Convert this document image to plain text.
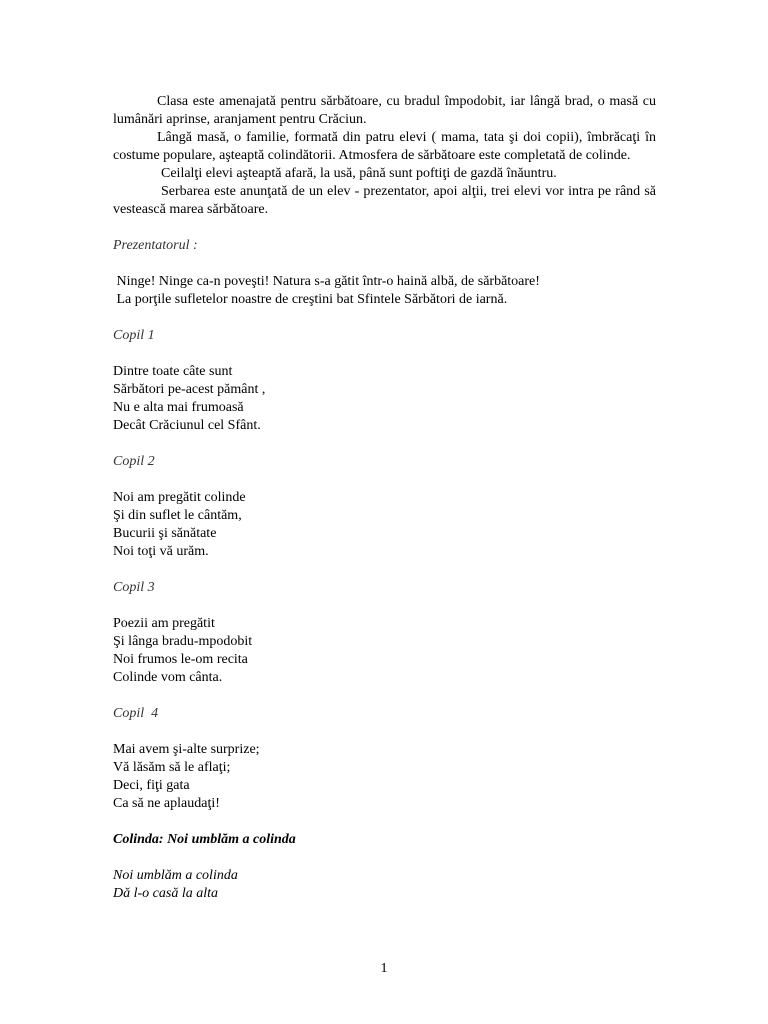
Clasa este amenajată pentru sărbătoare, cu bradul împodobit, iar lângă brad, o masă cu lumânări aprinse, aranjament pentru Crăciun.

Lângă masă, o familie, formată din patru elevi ( mama, tata şi doi copii), îmbrăcaţi în costume populare, aşteaptă colindătorii. Atmosfera de sărbătoare este completată de colinde.

Ceilalţi elevi aşteaptă afară, la usă, până sunt poftiţi de gazdă înăuntru.

Serbarea este anunţată de un elev - prezentator, apoi alţii, trei elevi vor intra pe rând să vestească marea sărbătoare.

Prezentatorul :

Ninge! Ninge ca-n poveşti! Natura s-a gătit într-o haină albă, de sărbătoare!

La porţile sufletelor noastre de creştini bat Sfintele Sărbători de iarnă.

Copil 1

Dintre toate câte sunt

Sărbători pe-acest pământ ,

Nu e alta mai frumoasă

Decât Crăciunul cel Sfânt.

Copil 2

Noi am pregătit colinde

Şi din suflet le cântăm,

Bucurii şi sănătate

Noi toţi vă urăm.

Copil 3

Poezii am pregătit

Şi lânga bradu-mpodobit

Noi frumos le-om recita

Colinde vom cânta.

Copil  4

Mai avem şi-alte surprize;

Vă lăsăm să le aflaţi;

Deci, fiţi gata

Ca să ne aplaudaţi!

Colinda: Noi umblăm a colinda

Noi umblăm a colinda

Dă l-o casă la alta

1
